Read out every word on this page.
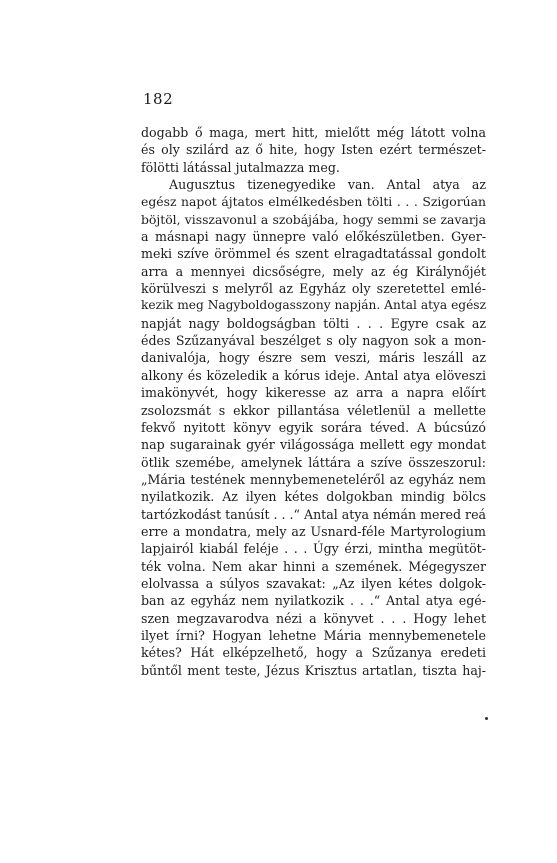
182
dogabb ő maga, mert hitt, mielőtt még látott volna
és oly szilárd az ő hite, hogy Isten ezért természet-
fölötti látással jutalmazza meg.
Augusztus tizenegyedike van. Antal atya az
egész napot ájtatos elmélkedésben tölti . . . Szigorúan
böjtöl, visszavonul a szobájába, hogy semmi se zavarja
a másnapi nagy ünnepre való előkészületben. Gyer-
meki szíve örömmel és szent elragadtatással gondolt
arra a mennyei dicsőségre, mely az ég Királynőjét
körülveszi s melyről az Egyház oly szeretettel emlé-
kezik meg Nagyboldogasszony napján. Antal atya egész
napját nagy boldogságban tölti . . . Egyre csak az
édes Szűzanyával beszélget s oly nagyon sok a mon-
danivalója, hogy észre sem veszi, máris leszáll az
alkony és közeledik a kórus ideje. Antal atya elöveszi
imakönyvét, hogy kikeresse az arra a napra előírt
zsolozsmát s ekkor pillantása véletlenül a mellette
fekvő nyitott könyv egyik sorára téved. A búcsúzó
nap sugarainak gyér világossága mellett egy mondat
ötlik szemébe, amelynek láttára a szíve összeszorul:
„Mária testének mennybemeneteléről az egyház nem
nyilatkozik. Az ilyen kétes dolgokban mindig bölcs
tartózkodást tanúsít . . .“ Antal atya némán mered reá
erre a mondatra, mely az Usnard-féle Martyrologium
lapjairól kiabál feléje . . . Úgy érzi, mintha megütöt-
ték volna. Nem akar hinni a szemének. Mégegyszer
elolvassa a súlyos szavakat: „Az ilyen kétes dolgok-
ban az egyház nem nyilatkozik . . .“ Antal atya egé-
szen megzavarodva nézi a könyvet . . . Hogy lehet
ilyet írni? Hogyan lehetne Mária mennybemenetele
kétes? Hát elképzelhető, hogy a Szűzanya eredeti
bűntől ment teste, Jézus Krisztus artatlan, tiszta haj-
